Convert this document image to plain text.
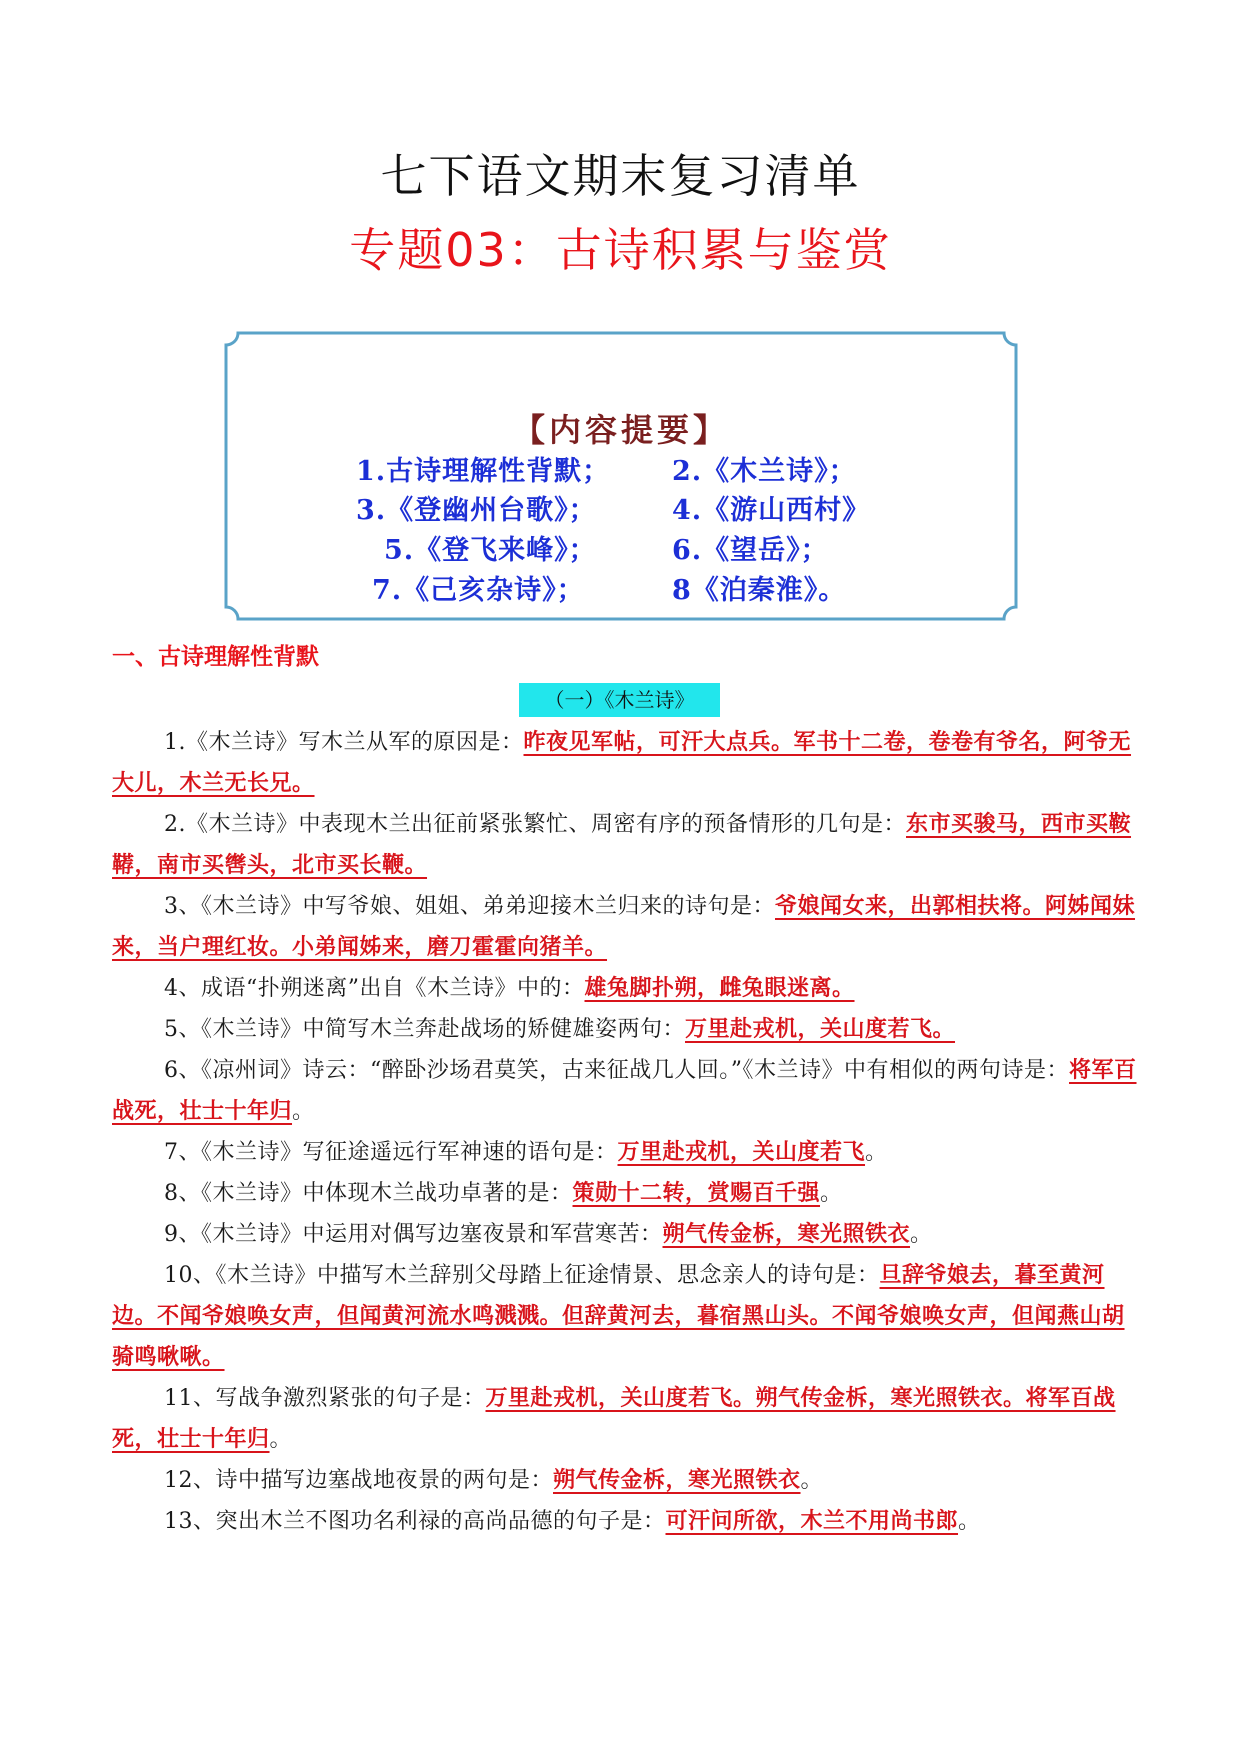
七下语文期末复习清单
专题03：古诗积累与鉴赏
【内容提要】
1.古诗理解性背默； 2.《木兰诗》；
3.《登幽州台歌》；	4.《游山西村》
5.《登飞来峰》；	6.《望岳》；
7.《己亥杂诗》；	8《泊秦淮》。
一、古诗理解性背默
（一）《木兰诗》

1.《木兰诗》写木兰从军的原因是：昨夜见军帖，可汗大点兵。军书十二卷，卷卷有爷名，阿爷无大儿，木兰无长兄。

2.《木兰诗》中表现木兰出征前紧张繁忙、周密有序的预备情形的几句是：东市买骏马，西市买鞍鞯，南市买辔头，北市买长鞭。

3、《木兰诗》中写爷娘、姐姐、弟弟迎接木兰归来的诗句是：爷娘闻女来，出郭相扶将。阿姊闻妹来，当户理红妆。小弟闻姊来，磨刀霍霍向猪羊。

4、成语“扑朔迷离”出自《木兰诗》中的：雄兔脚扑朔，雌兔眼迷离。

5、《木兰诗》中简写木兰奔赴战场的矫健雄姿两句：万里赴戎机，关山度若飞。

6、《凉州词》诗云：“醉卧沙场君莫笑，古来征战几人回。”《木兰诗》中有相似的两句诗是：将军百战死，壮士十年归。

7、《木兰诗》写征途遥远行军神速的语句是：万里赴戎机，关山度若飞。

8、《木兰诗》中体现木兰战功卓著的是：策勋十二转，赏赐百千强。

9、《木兰诗》中运用对偶写边塞夜景和军营寒苦：朔气传金柝，寒光照铁衣。

10、《木兰诗》中描写木兰辞别父母踏上征途情景、思念亲人的诗句是：旦辞爷娘去，暮至黄河边。不闻爷娘唤女声，但闻黄河流水鸣溅溅。但辞黄河去，暮宿黑山头。不闻爷娘唤女声，但闻燕山胡骑鸣啾啾。

11、写战争激烈紧张的句子是：万里赴戎机，关山度若飞。朔气传金柝，寒光照铁衣。将军百战死，壮士十年归。

12、诗中描写边塞战地夜景的两句是：朔气传金柝，寒光照铁衣。

13、突出木兰不图功名利禄的高尚品德的句子是：可汗问所欲，木兰不用尚书郎。
